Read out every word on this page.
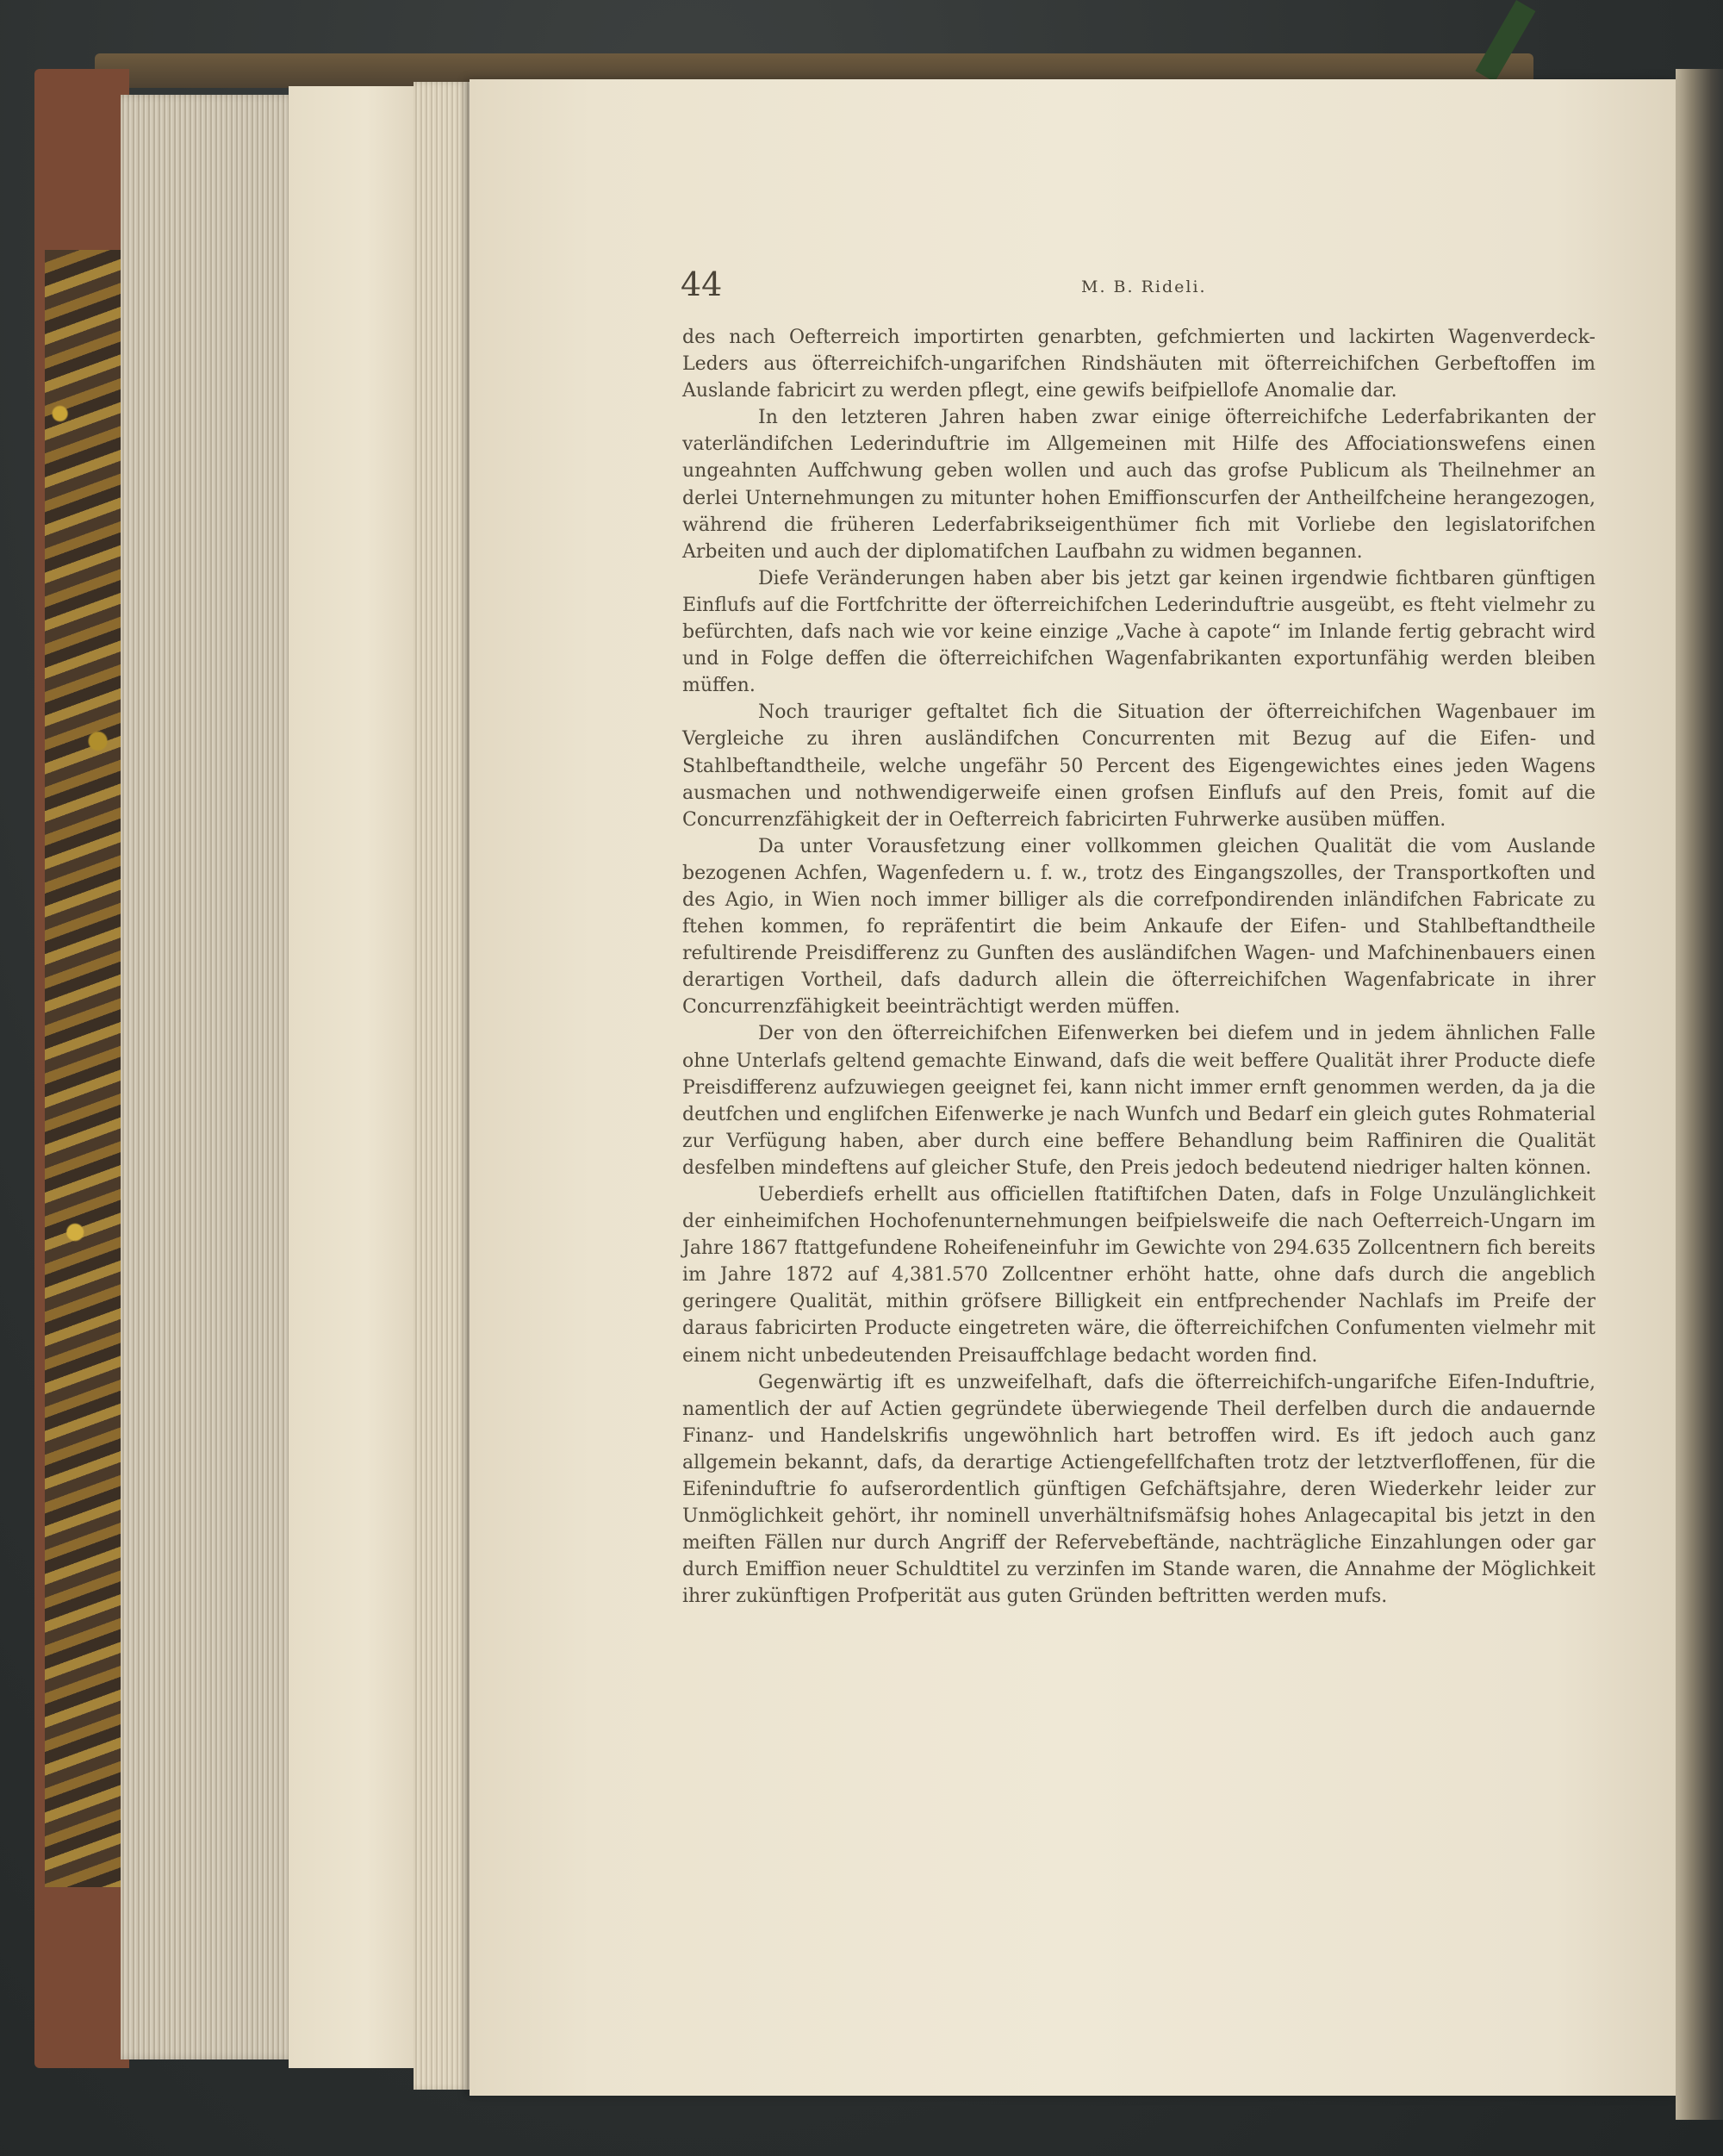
44	M. B. Rideli.

des nach Oefterreich importirten genarbten, gefchmierten und lackirten Wagenverdeck-Leders aus öfterreichifch-ungarifchen Rindshäuten mit öfterreichifchen Gerbeftoffen im Auslande fabricirt zu werden pflegt, eine gewifs beifpiellofe Anomalie dar.

In den letzteren Jahren haben zwar einige öfterreichifche Lederfabrikanten der vaterländifchen Lederinduftrie im Allgemeinen mit Hilfe des Affociationswefens einen ungeahnten Auffchwung geben wollen und auch das grofse Publicum als Theilnehmer an derlei Unternehmungen zu mitunter hohen Emiffionscurfen der Antheilfcheine herangezogen, während die früheren Lederfabrikseigenthümer fich mit Vorliebe den legislatorifchen Arbeiten und auch der diplomatifchen Laufbahn zu widmen begannen.

Diefe Veränderungen haben aber bis jetzt gar keinen irgendwie fichtbaren günftigen Einflufs auf die Fortfchritte der öfterreichifchen Lederinduftrie ausgeübt, es fteht vielmehr zu befürchten, dafs nach wie vor keine einzige „Vache à capote“ im Inlande fertig gebracht wird und in Folge deffen die öfterreichifchen Wagenfabrikanten exportunfähig werden bleiben müffen.

Noch trauriger geftaltet fich die Situation der öfterreichifchen Wagenbauer im Vergleiche zu ihren ausländifchen Concurrenten mit Bezug auf die Eifen- und Stahlbeftandtheile, welche ungefähr 50 Percent des Eigengewichtes eines jeden Wagens ausmachen und nothwendigerweife einen grofsen Einflufs auf den Preis, fomit auf die Concurrenzfähigkeit der in Oefterreich fabricirten Fuhrwerke ausüben müffen.

Da unter Vorausfetzung einer vollkommen gleichen Qualität die vom Auslande bezogenen Achfen, Wagenfedern u. f. w., trotz des Eingangszolles, der Transportkoften und des Agio, in Wien noch immer billiger als die correfpondirenden inländifchen Fabricate zu ftehen kommen, fo repräfentirt die beim Ankaufe der Eifen- und Stahlbeftandtheile refultirende Preisdifferenz zu Gunften des ausländifchen Wagen- und Mafchinenbauers einen derartigen Vortheil, dafs dadurch allein die öfterreichifchen Wagenfabricate in ihrer Concurrenzfähigkeit beeinträchtigt werden müffen.

Der von den öfterreichifchen Eifenwerken bei diefem und in jedem ähnlichen Falle ohne Unterlafs geltend gemachte Einwand, dafs die weit beffere Qualität ihrer Producte diefe Preisdifferenz aufzuwiegen geeignet fei, kann nicht immer ernft genommen werden, da ja die deutfchen und englifchen Eifenwerke je nach Wunfch und Bedarf ein gleich gutes Rohmaterial zur Verfügung haben, aber durch eine beffere Behandlung beim Raffiniren die Qualität desfelben mindeftens auf gleicher Stufe, den Preis jedoch bedeutend niedriger halten können.

Ueberdiefs erhellt aus officiellen ftatiftifchen Daten, dafs in Folge Unzulänglichkeit der einheimifchen Hochofenunternehmungen beifpielsweife die nach Oefterreich-Ungarn im Jahre 1867 ftattgefundene Roheifeneinfuhr im Gewichte von 294.635 Zollcentnern fich bereits im Jahre 1872 auf 4,381.570 Zollcentner erhöht hatte, ohne dafs durch die angeblich geringere Qualität, mithin gröfsere Billigkeit ein entfprechender Nachlafs im Preife der daraus fabricirten Producte eingetreten wäre, die öfterreichifchen Confumenten vielmehr mit einem nicht unbedeutenden Preisauffchlage bedacht worden find.

Gegenwärtig ift es unzweifelhaft, dafs die öfterreichifch-ungarifche Eifen-Induftrie, namentlich der auf Actien gegründete überwiegende Theil derfelben durch die andauernde Finanz- und Handelskrifis ungewöhnlich hart betroffen wird. Es ift jedoch auch ganz allgemein bekannt, dafs, da derartige Actiengefellfchaften trotz der letztverfloffenen, für die Eifeninduftrie fo aufserordentlich günftigen Gefchäftsjahre, deren Wiederkehr leider zur Unmöglichkeit gehört, ihr nominell unverhältnifsmäfsig hohes Anlagecapital bis jetzt in den meiften Fällen nur durch Angriff der Refervebeftände, nachträgliche Einzahlungen oder gar durch Emiffion neuer Schuldtitel zu verzinfen im Stande waren, die Annahme der Möglichkeit ihrer zukünftigen Profperität aus guten Gründen beftritten werden mufs.
